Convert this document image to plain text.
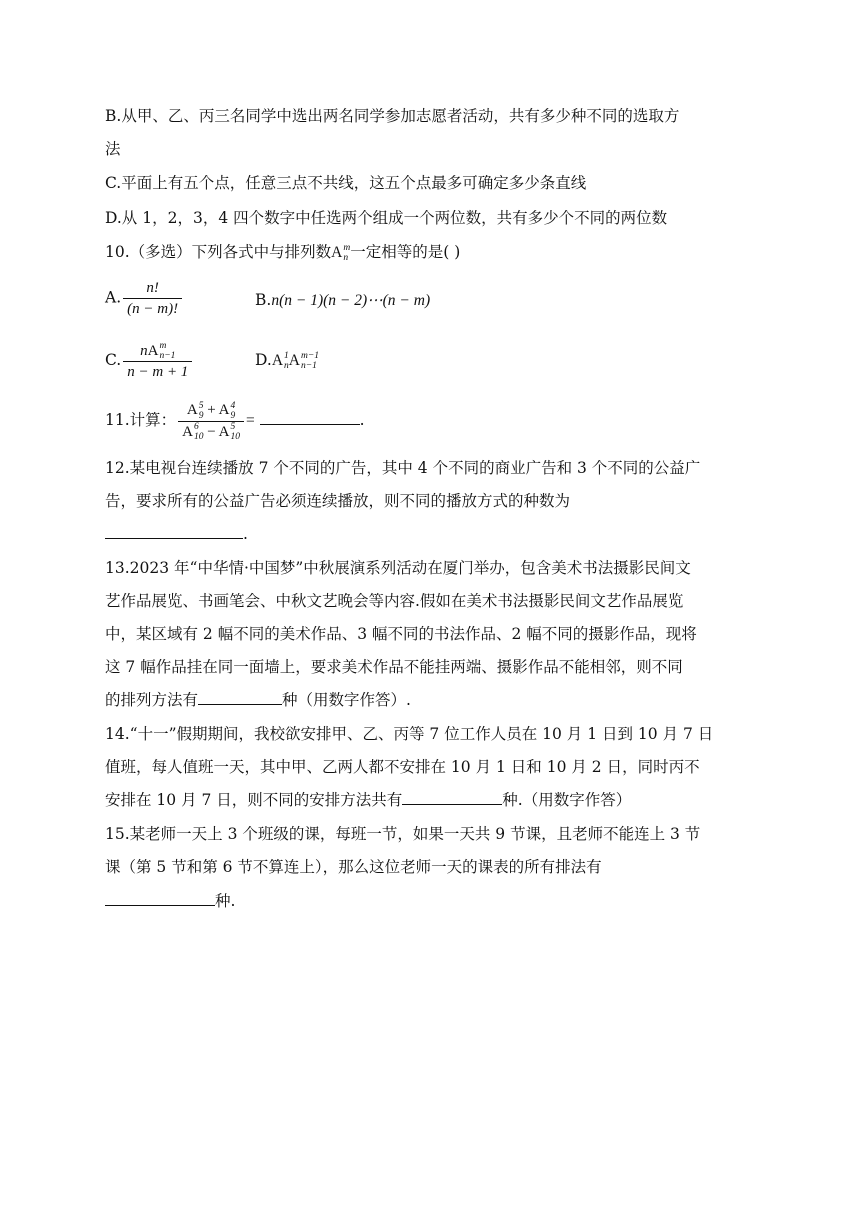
B.从甲、乙、丙三名同学中选出两名同学参加志愿者活动，共有多少种不同的选取方
法
C.平面上有五个点，任意三点不共线，这五个点最多可确定多少条直线
D.从 1，2，3，4 四个数字中任选两个组成一个两位数，共有多少个不同的两位数
10.（多选）下列各式中与排列数A m
n 一定相等的是( )
A. $\frac{n!}{(n - m)!}$	B.n(n − 1)(n − 2)⋯(n − m)
C. nA m
n−1
n − m + 1	D.A 1
n A m−1
n−1
11.计算： A 5
9 + A 4
9
A 6
10 − A 5
10 =	.
12.某电视台连续播放 7 个不同的广告，其中 4 个不同的商业广告和 3 个不同的公益广
告，要求所有的公益广告必须连续播放，则不同的播放方式的种数为
.
13.2023 年“中华情·中国梦”中秋展演系列活动在厦门举办，包含美术书法摄影民间文
艺作品展览、书画笔会、中秋文艺晚会等内容.假如在美术书法摄影民间文艺作品展览
中，某区域有 2 幅不同的美术作品、3 幅不同的书法作品、2 幅不同的摄影作品，现将
这 7 幅作品挂在同一面墙上，要求美术作品不能挂两端、摄影作品不能相邻，则不同
的排列方法有	种（用数字作答）.
14.“十一”假期期间，我校欲安排甲、乙、丙等 7 位工作人员在 10 月 1 日到 10 月 7 日
值班，每人值班一天，其中甲、乙两人都不安排在 10 月 1 日和 10 月 2 日，同时丙不
安排在 10 月 7 日，则不同的安排方法共有	种.（用数字作答）
15.某老师一天上 3 个班级的课，每班一节，如果一天共 9 节课，且老师不能连上 3 节
课（第 5 节和第 6 节不算连上），那么这位老师一天的课表的所有排法有
种.
